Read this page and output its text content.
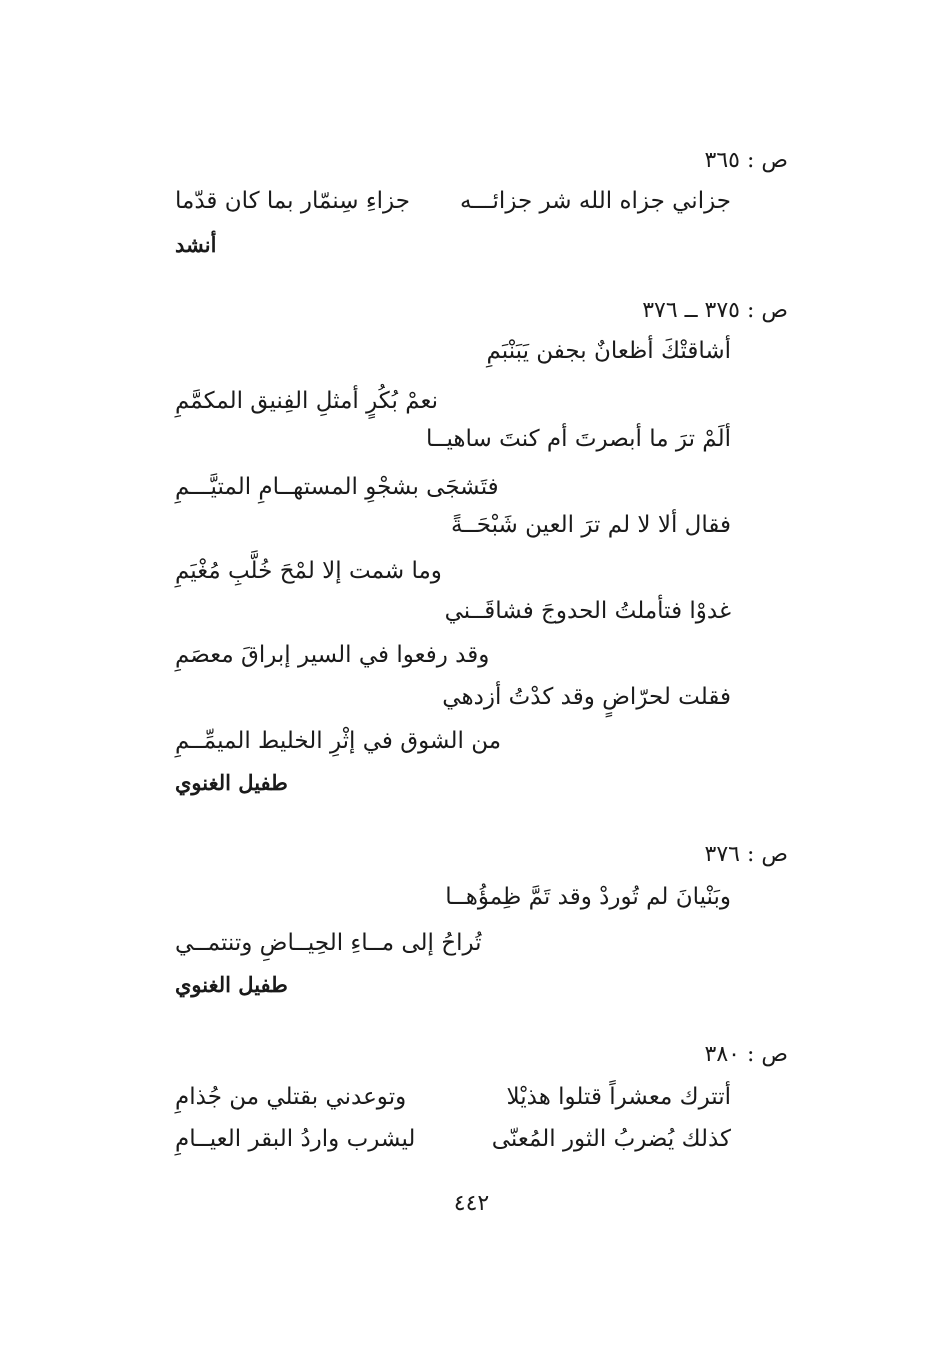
ص : ٣٦٥
جزاني جزاه الله شر جزائـــه
جزاءِ سِنمّار بما كان قدّما
أنشد
ص : ٣٧٥ ــ ٣٧٦
أشاقتْكَ أظعانٌ بجفن يَبَنْبَمِ
نعمْ بُكُرٍ أمثلِ الفِنيق المكمَّمِ
ألَمْ ترَ ما أبصرتَ أم كنتَ ساهيــا
فتَشجَى بشجْوِ المستهــامِ المتيَّـــمِ
فقال ألا لا لم ترَ العين شَبْحَــةً
وما شمت إلا لمْحَ خُلَّبِ مُغْيَمِ
غدوْا فتأملتُ الحدوجَ فشاقَــني
وقد رفعوا في السير إبراقَ معصَمِ
فقلت لحرّاضٍ وقد كدْتُ أزدهي
من الشوق في إثْرِ الخليط الميمِّــمِ
طفيل الغنوي
ص : ٣٧٦
وبَنْيانَ لم تُوردْ وقد تَمَّ ظِمؤُهــا
تُراحُ إلى مــاءِ الحِيــاضِ وتنتمــي
طفيل الغنوي
ص : ٣٨٠
أتترك معشراً قتلوا هذيْلا
وتوعدني بقتلي من جُذامِ
كذلك يُضربُ الثور المُعنّى
ليشرب واردُ البقر العيــامِ
٤٤٢
